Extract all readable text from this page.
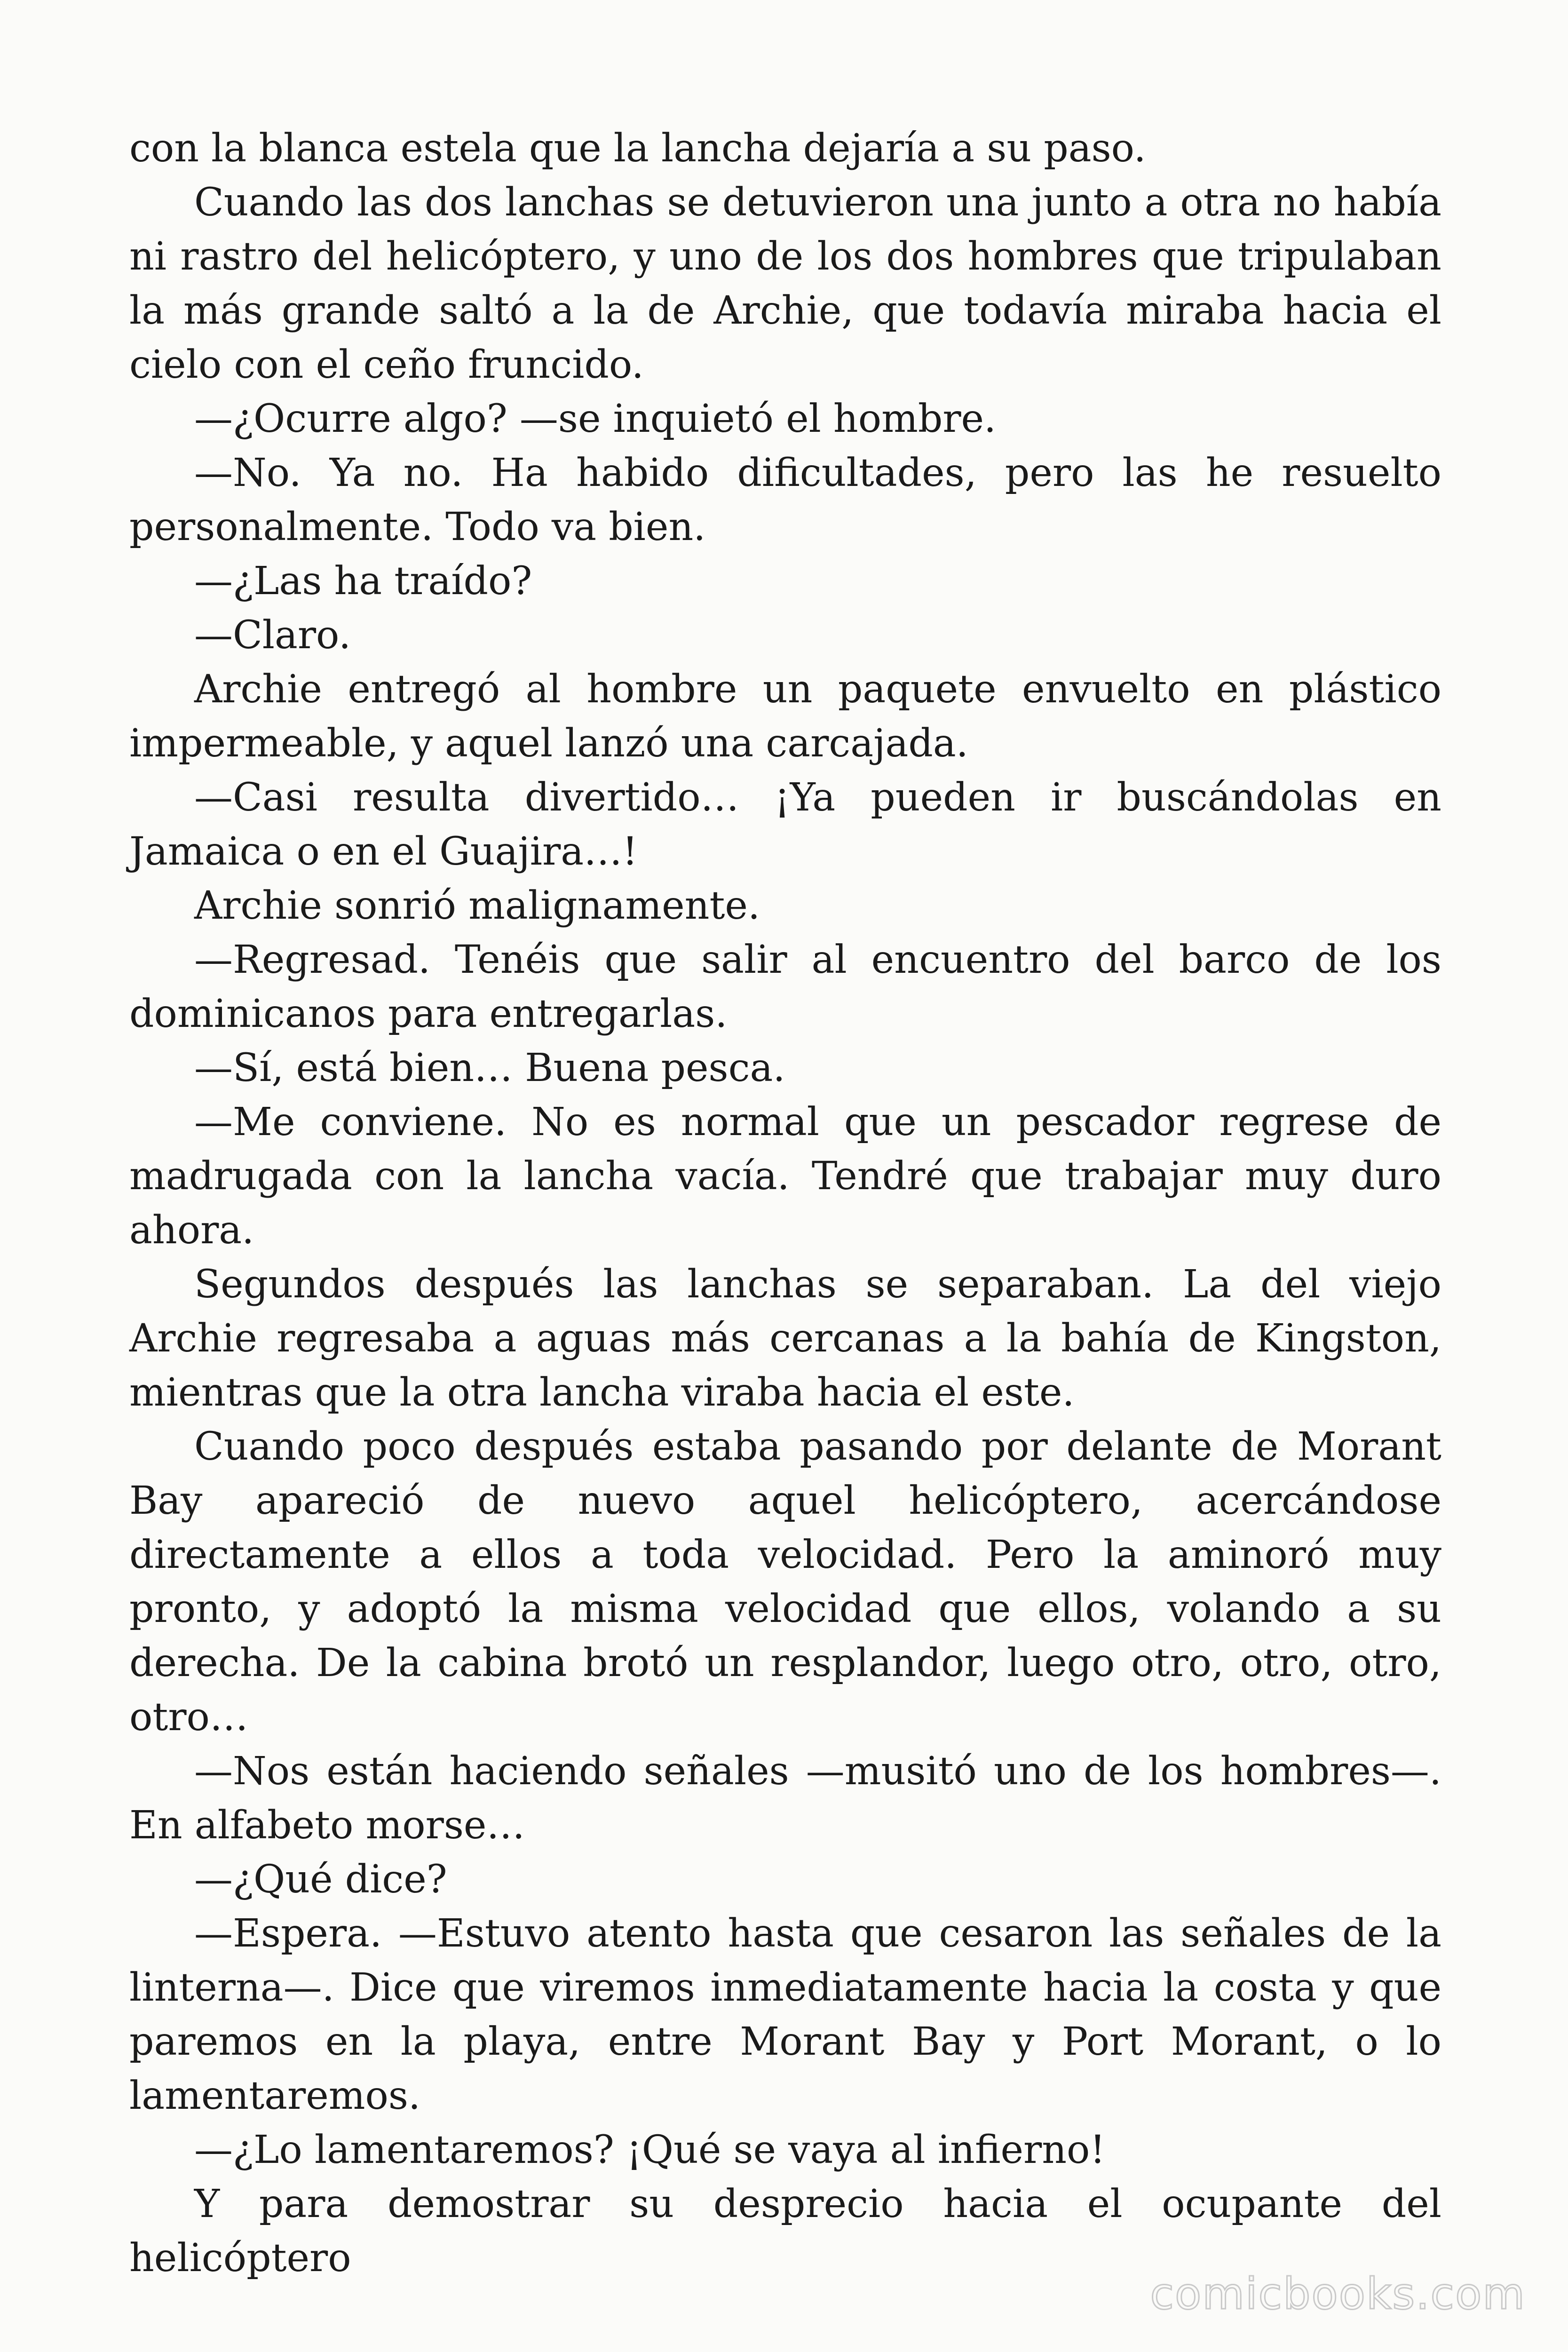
con la blanca estela que la lancha dejaría a su paso.

Cuando las dos lanchas se detuvieron una junto a otra no había ni rastro del helicóptero, y uno de los dos hombres que tripulaban la más grande saltó a la de Archie, que todavía miraba hacia el cielo con el ceño fruncido.

—¿Ocurre algo? —se inquietó el hombre.

—No. Ya no. Ha habido dificultades, pero las he resuelto personalmente. Todo va bien.

—¿Las ha traído?

—Claro.

Archie entregó al hombre un paquete envuelto en plástico impermeable, y aquel lanzó una carcajada.

—Casi resulta divertido… ¡Ya pueden ir buscándolas en Jamaica o en el Guajira…!

Archie sonrió malignamente.

—Regresad. Tenéis que salir al encuentro del barco de los dominicanos para entregarlas.

—Sí, está bien… Buena pesca.

—Me conviene. No es normal que un pescador regrese de madrugada con la lancha vacía. Tendré que trabajar muy duro ahora.

Segundos después las lanchas se separaban. La del viejo Archie regresaba a aguas más cercanas a la bahía de Kingston, mientras que la otra lancha viraba hacia el este.

Cuando poco después estaba pasando por delante de Morant Bay apareció de nuevo aquel helicóptero, acercándose directamente a ellos a toda velocidad. Pero la aminoró muy pronto, y adoptó la misma velocidad que ellos, volando a su derecha. De la cabina brotó un resplandor, luego otro, otro, otro, otro…

—Nos están haciendo señales —musitó uno de los hombres—. En alfabeto morse…

—¿Qué dice?

—Espera. —Estuvo atento hasta que cesaron las señales de la linterna—. Dice que viremos inmediatamente hacia la costa y que paremos en la playa, entre Morant Bay y Port Morant, o lo lamentaremos.

—¿Lo lamentaremos? ¡Qué se vaya al infierno!

Y para demostrar su desprecio hacia el ocupante del helicóptero

comicbooks.com
